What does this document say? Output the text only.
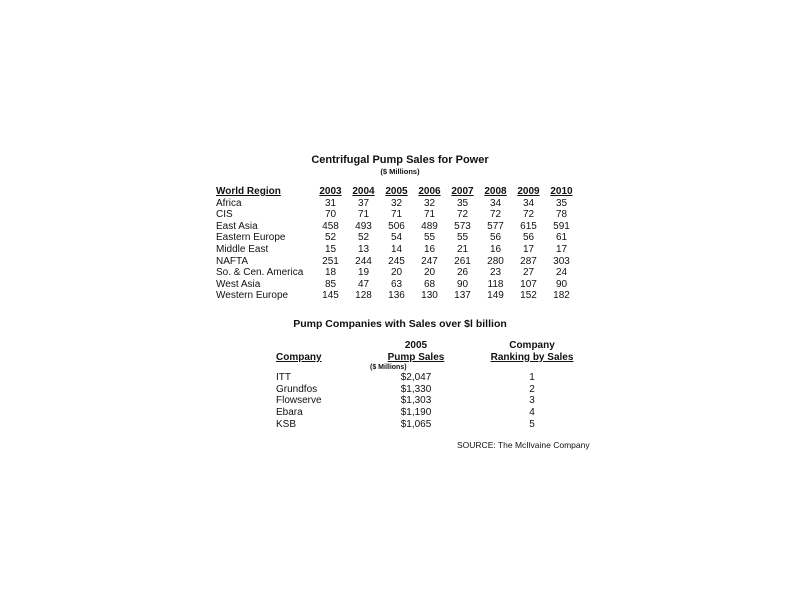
Centrifugal Pump Sales for Power
($ Millions)
World Region	2003	2004	2005	2006	2007	2008	2009	2010
Africa	31	37	32	32	35	34	34	35
CIS	70	71	71	71	72	72	72	78
East Asia	458	493	506	489	573	577	615	591
Eastern Europe	52	52	54	55	55	56	56	61
Middle East	15	13	14	16	21	16	17	17
NAFTA	251	244	245	247	261	280	287	303
So. & Cen. America	18	19	20	20	26	23	27	24
West Asia	85	47	63	68	90	118	107	90
Western Europe	145	128	136	130	137	149	152	182
Pump Companies with Sales over $l billion
	2005	Company
Company	Pump Sales	Ranking by Sales
	($ Millions)	
ITT	$2,047	1
Grundfos	$1,330	2
Flowserve	$1,303	3
Ebara	$1,190	4
KSB	$1,065	5
SOURCE: The McIlvaine Company
